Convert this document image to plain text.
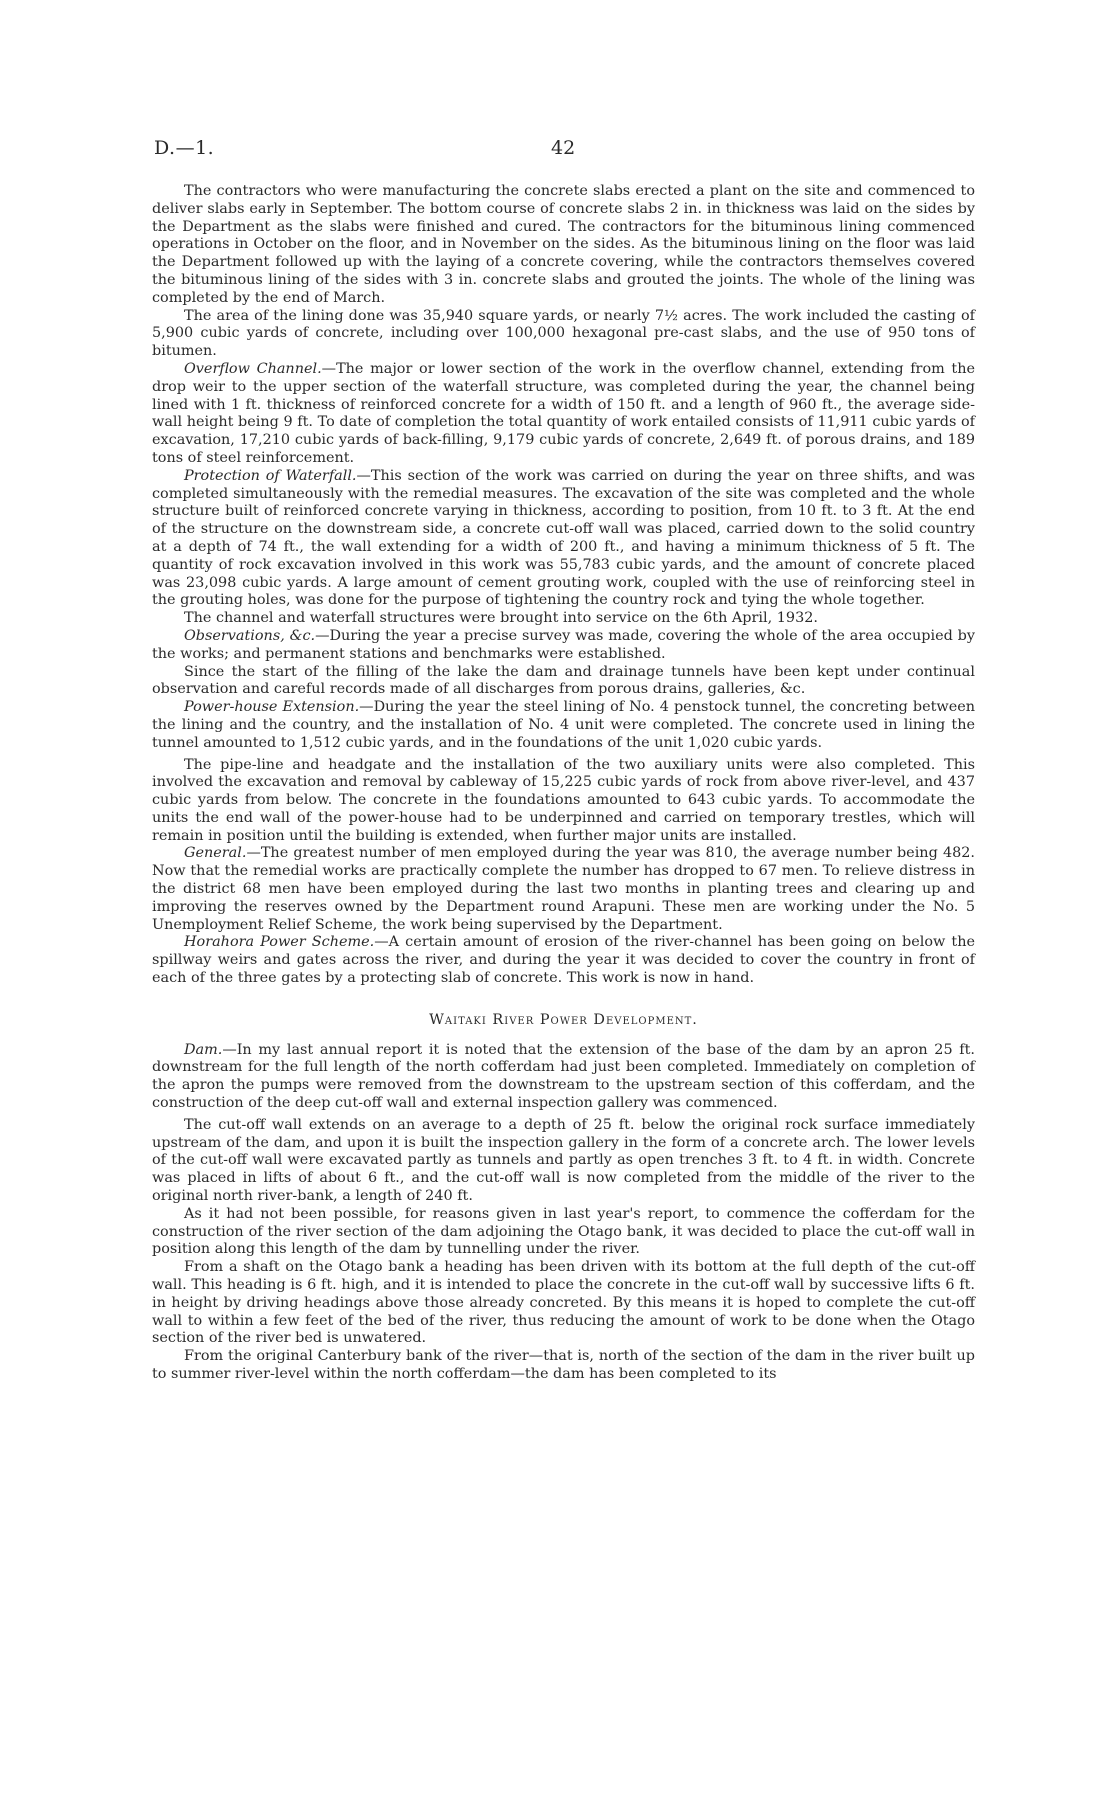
D.—1.	42

The contractors who were manufacturing the concrete slabs erected a plant on the site and commenced to deliver slabs early in September. The bottom course of concrete slabs 2 in. in thickness was laid on the sides by the Department as the slabs were finished and cured. The contractors for the bituminous lining commenced operations in October on the floor, and in November on the sides. As the bituminous lining on the floor was laid the Department followed up with the laying of a concrete covering, while the contractors themselves covered the bituminous lining of the sides with 3 in. concrete slabs and grouted the joints. The whole of the lining was completed by the end of March.

The area of the lining done was 35,940 square yards, or nearly 7½ acres. The work included the casting of 5,900 cubic yards of concrete, including over 100,000 hexagonal pre-cast slabs, and the use of 950 tons of bitumen.

Overflow Channel.—The major or lower section of the work in the overflow channel, extending from the drop weir to the upper section of the waterfall structure, was completed during the year, the channel being lined with 1 ft. thickness of reinforced concrete for a width of 150 ft. and a length of 960 ft., the average side-wall height being 9 ft. To date of completion the total quantity of work entailed consists of 11,911 cubic yards of excavation, 17,210 cubic yards of back-filling, 9,179 cubic yards of concrete, 2,649 ft. of porous drains, and 189 tons of steel reinforcement.

Protection of Waterfall.—This section of the work was carried on during the year on three shifts, and was completed simultaneously with the remedial measures. The excavation of the site was completed and the whole structure built of reinforced concrete varying in thickness, according to position, from 10 ft. to 3 ft. At the end of the structure on the downstream side, a concrete cut-off wall was placed, carried down to the solid country at a depth of 74 ft., the wall extending for a width of 200 ft., and having a minimum thickness of 5 ft. The quantity of rock excavation involved in this work was 55,783 cubic yards, and the amount of concrete placed was 23,098 cubic yards. A large amount of cement grouting work, coupled with the use of reinforcing steel in the grouting holes, was done for the purpose of tightening the country rock and tying the whole together.

The channel and waterfall structures were brought into service on the 6th April, 1932.

Observations, &c.—During the year a precise survey was made, covering the whole of the area occupied by the works; and permanent stations and benchmarks were established.

Since the start of the filling of the lake the dam and drainage tunnels have been kept under continual observation and careful records made of all discharges from porous drains, galleries, &c.

Power-house Extension.—During the year the steel lining of No. 4 penstock tunnel, the concreting between the lining and the country, and the installation of No. 4 unit were completed. The concrete used in lining the tunnel amounted to 1,512 cubic yards, and in the foundations of the unit 1,020 cubic yards.

The pipe-line and headgate and the installation of the two auxiliary units were also completed. This involved the excavation and removal by cableway of 15,225 cubic yards of rock from above river-level, and 437 cubic yards from below. The concrete in the foundations amounted to 643 cubic yards. To accommodate the units the end wall of the power-house had to be underpinned and carried on temporary trestles, which will remain in position until the building is extended, when further major units are installed.

General.—The greatest number of men employed during the year was 810, the average number being 482. Now that the remedial works are practically complete the number has dropped to 67 men. To relieve distress in the district 68 men have been employed during the last two months in planting trees and clearing up and improving the reserves owned by the Department round Arapuni. These men are working under the No. 5 Unemployment Relief Scheme, the work being supervised by the Department.

Horahora Power Scheme.—A certain amount of erosion of the river-channel has been going on below the spillway weirs and gates across the river, and during the year it was decided to cover the country in front of each of the three gates by a protecting slab of concrete. This work is now in hand.

Waitaki River Power Development.

Dam.—In my last annual report it is noted that the extension of the base of the dam by an apron 25 ft. downstream for the full length of the north cofferdam had just been completed. Immediately on completion of the apron the pumps were removed from the downstream to the upstream section of this cofferdam, and the construction of the deep cut-off wall and external inspection gallery was commenced.

The cut-off wall extends on an average to a depth of 25 ft. below the original rock surface immediately upstream of the dam, and upon it is built the inspection gallery in the form of a concrete arch. The lower levels of the cut-off wall were excavated partly as tunnels and partly as open trenches 3 ft. to 4 ft. in width. Concrete was placed in lifts of about 6 ft., and the cut-off wall is now completed from the middle of the river to the original north river-bank, a length of 240 ft.

As it had not been possible, for reasons given in last year's report, to commence the cofferdam for the construction of the river section of the dam adjoining the Otago bank, it was decided to place the cut-off wall in position along this length of the dam by tunnelling under the river.

From a shaft on the Otago bank a heading has been driven with its bottom at the full depth of the cut-off wall. This heading is 6 ft. high, and it is intended to place the concrete in the cut-off wall by successive lifts 6 ft. in height by driving headings above those already concreted. By this means it is hoped to complete the cut-off wall to within a few feet of the bed of the river, thus reducing the amount of work to be done when the Otago section of the river bed is unwatered.

From the original Canterbury bank of the river—that is, north of the section of the dam in the river built up to summer river-level within the north cofferdam—the dam has been completed to its
